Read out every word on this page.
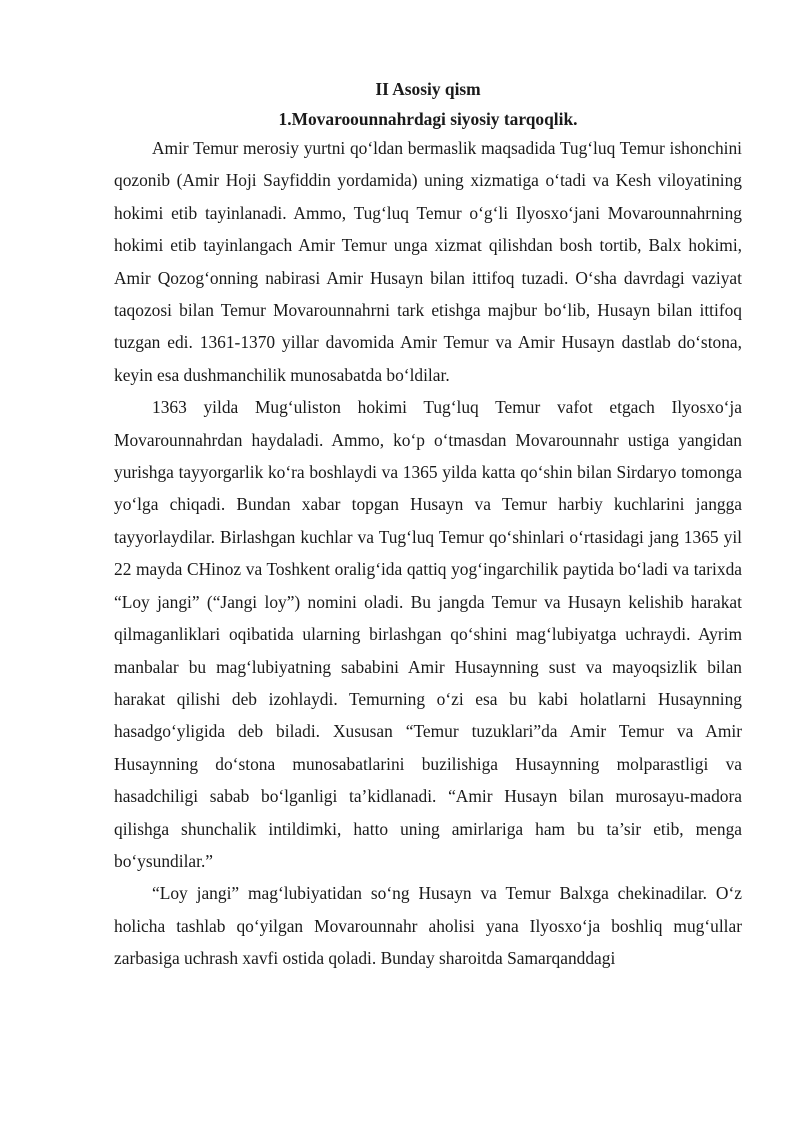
II Asosiy qism
1.Movaroounnahrdagi siyosiy tarqoqlik.

Amir Temur merosiy yurtni qo‘ldan bermaslik maqsadida Tug‘luq Temur ishonchini qozonib (Amir Hoji Sayfiddin yordamida) uning xizmatiga o‘tadi va Kesh viloyatining hokimi etib tayinlanadi. Ammo, Tug‘luq Temur o‘g‘li Ilyosxo‘jani Movarounnahrning hokimi etib tayinlangach Amir Temur unga xizmat qilishdan bosh tortib, Balx hokimi, Amir Qozog‘onning nabirasi Amir Husayn bilan ittifoq tuzadi. O‘sha davrdagi vaziyat taqozosi bilan Temur Movarounnahrni tark etishga majbur bo‘lib, Husayn bilan ittifoq tuzgan edi. 1361-1370 yillar davomida Amir Temur va Amir Husayn dastlab do‘stona, keyin esa dushmanchilik munosabatda bo‘ldilar.

1363 yilda Mug‘uliston hokimi Tug‘luq Temur vafot etgach Ilyosxo‘ja Movarounnahrdan haydaladi. Ammo, ko‘p o‘tmasdan Movarounnahr ustiga yangidan yurishga tayyorgarlik ko‘ra boshlaydi va 1365 yilda katta qo‘shin bilan Sirdaryo tomonga yo‘lga chiqadi. Bundan xabar topgan Husayn va Temur harbiy kuchlarini jangga tayyorlaydilar. Birlashgan kuchlar va Tug‘luq Temur qo‘shinlari o‘rtasidagi jang 1365 yil 22 mayda CHinoz va Toshkent oralig‘ida qattiq yog‘ingarchilik paytida bo‘ladi va tarixda “Loy jangi” (“Jangi loy”) nomini oladi. Bu jangda Temur va Husayn kelishib harakat qilmaganliklari oqibatida ularning birlashgan qo‘shini mag‘lubiyatga uchraydi. Ayrim manbalar bu mag‘lubiyatning sababini Amir Husaynning sust va mayoqsizlik bilan harakat qilishi deb izohlaydi. Temurning o‘zi esa bu kabi holatlarni Husaynning hasadgo‘yligida deb biladi. Xususan “Temur tuzuklari”da Amir Temur va Amir Husaynning do‘stona munosabatlarini buzilishiga Husaynning molparastligi va hasadchiligi sabab bo‘lganligi ta’kidlanadi. “Amir Husayn bilan murosayu-madora qilishga shunchalik intildimki, hatto uning amirlariga ham bu ta’sir etib, menga bo‘ysundilar.”

“Loy jangi” mag‘lubiyatidan so‘ng Husayn va Temur Balxga chekinadilar. O‘z holicha tashlab qo‘yilgan Movarounnahr aholisi yana Ilyosxo‘ja boshliq mug‘ullar zarbasiga uchrash xavfi ostida qoladi. Bunday sharoitda Samarqanddagi
